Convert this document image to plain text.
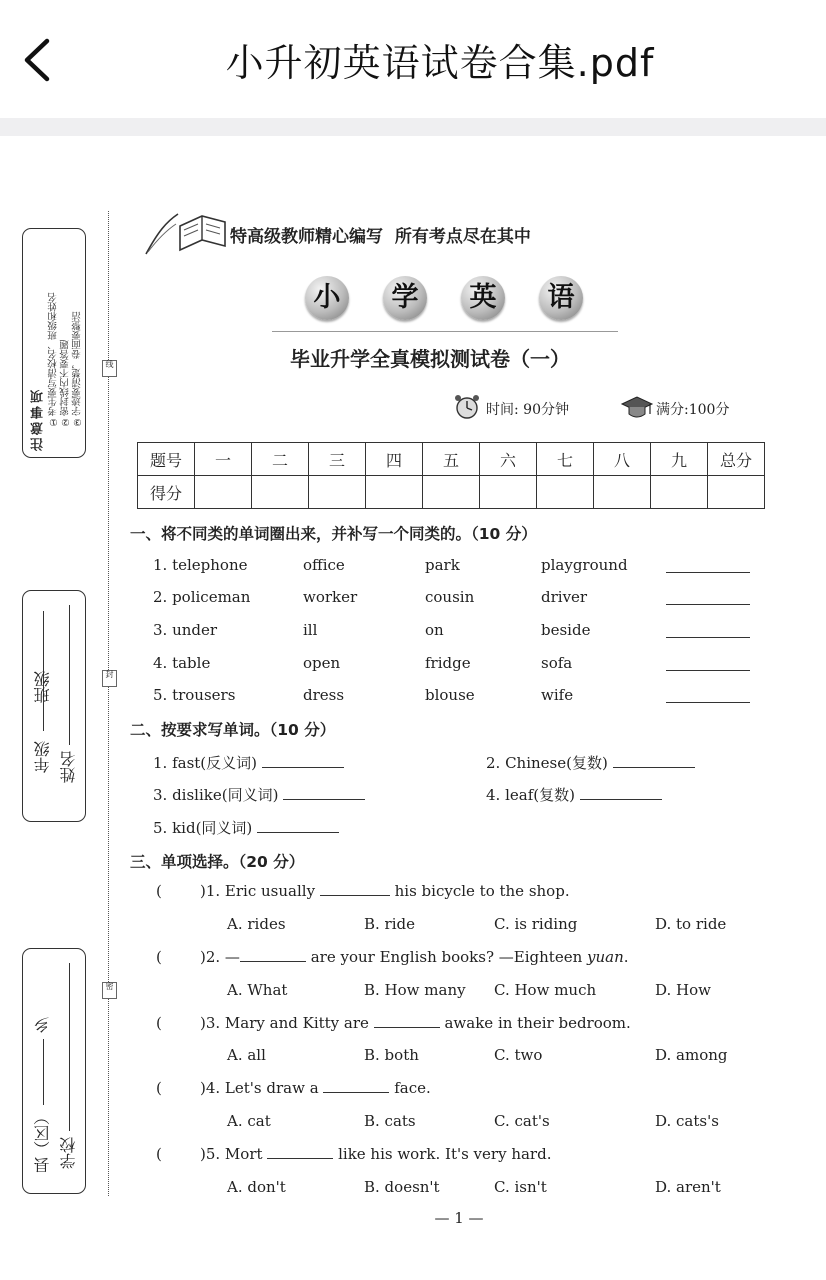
小升初英语试卷合集.pdf
注意事项 ①考生要写清校名、班级和姓名 ②密封线内不要答题 ③字迹要清楚，卷面要整洁
年级
班级
姓名
县（区）
乡
学校
线
封
密
特高级教师精心编写  所有考点尽在其中
小	学	英	语
毕业升学全真模拟测试卷（一）
时间: 90分钟	满分:100分
题号	一	二	三	四	五	六	七	八	九	总分
得分										
一、将不同类的单词圈出来，并补写一个同类的。（10 分）
1. telephone	office	park	playground
2. policeman	worker	cousin	driver
3. under	ill	on	beside
4. table	open	fridge	sofa
5. trousers	dress	blouse	wife
二、按要求写单词。（10 分）
1. fast(反义词)	2. Chinese(复数)
3. dislike(同义词)	4. leaf(复数)
5. kid(同义词)
三、单项选择。（20 分）
(	)1. Eric usually	his bicycle to the shop.
A. rides	B. ride	C. is riding	D. to ride
(	)2. —	are your English books? —Eighteen yuan.
A. What	B. How many C. How much	D. How
(	)3. Mary and Kitty are	awake in their bedroom.
A. all	B. both	C. two	D. among
(	)4. Let's draw a	face.
A. cat	B. cats	C. cat's	D. cats's
(	)5. Mort	like his work. It's very hard.
A. don't	B. doesn't	C. isn't	D. aren't
— 1 —
